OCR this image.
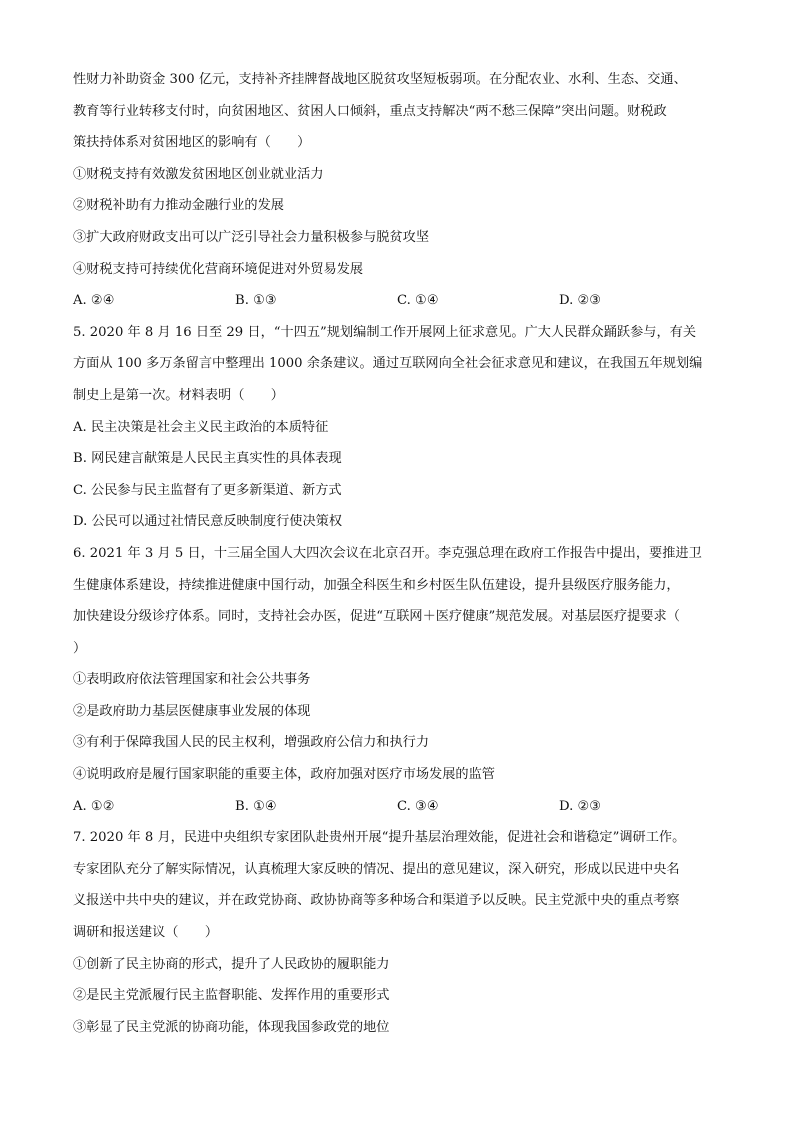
性财力补助资金 300 亿元，支持补齐挂牌督战地区脱贫攻坚短板弱项。在分配农业、水利、生态、交通、
教育等行业转移支付时，向贫困地区、贫困人口倾斜，重点支持解决“两不愁三保障”突出问题。财税政
策扶持体系对贫困地区的影响有（　　）
①财税支持有效激发贫困地区创业就业活力
②财税补助有力推动金融行业的发展
③扩大政府财政支出可以广泛引导社会力量积极参与脱贫攻坚
④财税支持可持续优化营商环境促进对外贸易发展
A. ②④	B. ①③	C. ①④	D. ②③
5. 2020 年 8 月 16 日至 29 日，“十四五”规划编制工作开展网上征求意见。广大人民群众踊跃参与，有关
方面从 100 多万条留言中整理出 1000 余条建议。通过互联网向全社会征求意见和建议，在我国五年规划编
制史上是第一次。材料表明（　　）
A. 民主决策是社会主义民主政治的本质特征
B. 网民建言献策是人民民主真实性的具体表现
C. 公民参与民主监督有了更多新渠道、新方式
D. 公民可以通过社情民意反映制度行使决策权
6. 2021 年 3 月 5 日，十三届全国人大四次会议在北京召开。李克强总理在政府工作报告中提出，要推进卫
生健康体系建设，持续推进健康中国行动，加强全科医生和乡村医生队伍建设，提升县级医疗服务能力，
加快建设分级诊疗体系。同时，支持社会办医，促进“互联网＋医疗健康”规范发展。对基层医疗提要求（
）
①表明政府依法管理国家和社会公共事务
②是政府助力基层医健康事业发展的体现
③有利于保障我国人民的民主权利，增强政府公信力和执行力
④说明政府是履行国家职能的重要主体，政府加强对医疗市场发展的监管
A. ①②	B. ①④	C. ③④	D. ②③
7. 2020 年 8 月，民进中央组织专家团队赴贵州开展“提升基层治理效能，促进社会和谐稳定”调研工作。
专家团队充分了解实际情况，认真梳理大家反映的情况、提出的意见建议，深入研究，形成以民进中央名
义报送中共中央的建议，并在政党协商、政协协商等多种场合和渠道予以反映。民主党派中央的重点考察
调研和报送建议（　　）
①创新了民主协商的形式，提升了人民政协的履职能力
②是民主党派履行民主监督职能、发挥作用的重要形式
③彰显了民主党派的协商功能，体现我国参政党的地位
